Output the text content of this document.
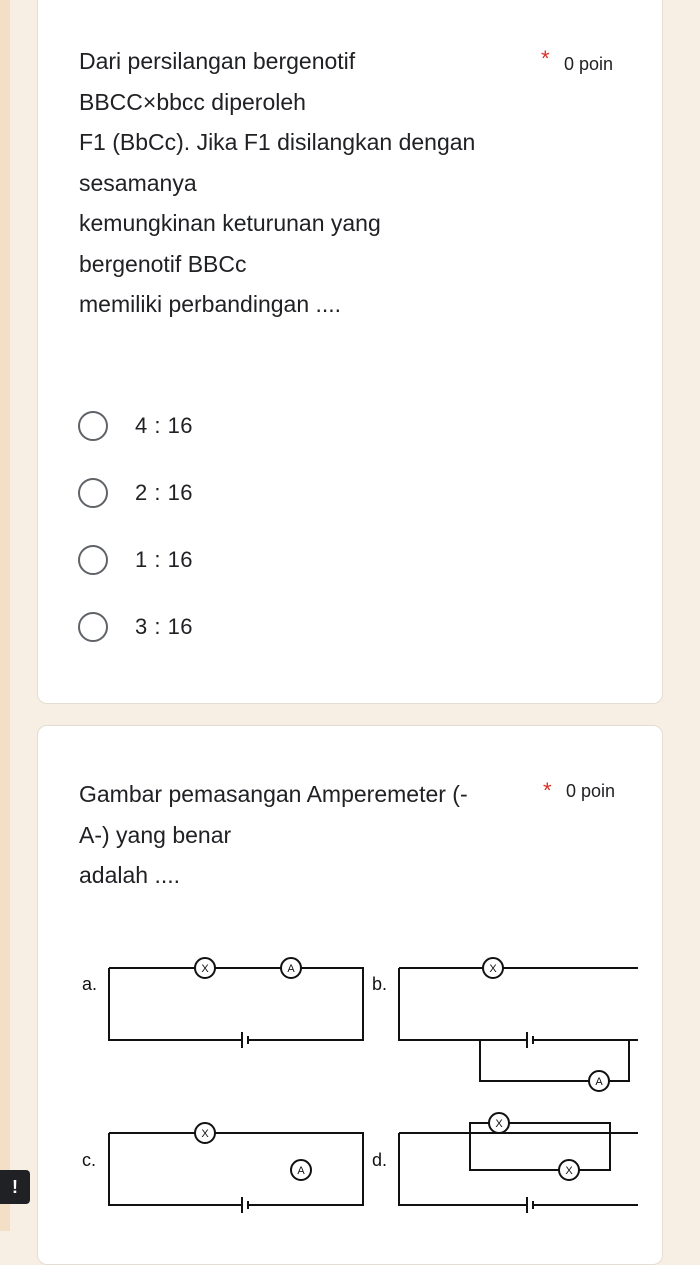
Dari persilangan bergenotif
BBCC×bbcc diperoleh
F1 (BbCc). Jika F1 disilangkan dengan
sesamanya
kemungkinan keturunan yang
bergenotif BBCc
memiliki perbandingan ....
* 0 poin
4 : 16
2 : 16
1 : 16
3 : 16
Gambar pemasangan Amperemeter (-
A-) yang benar
adalah ....
* 0 poin
X	A	X
A
X
A
X
X
a.	b.
c.	d.
!
